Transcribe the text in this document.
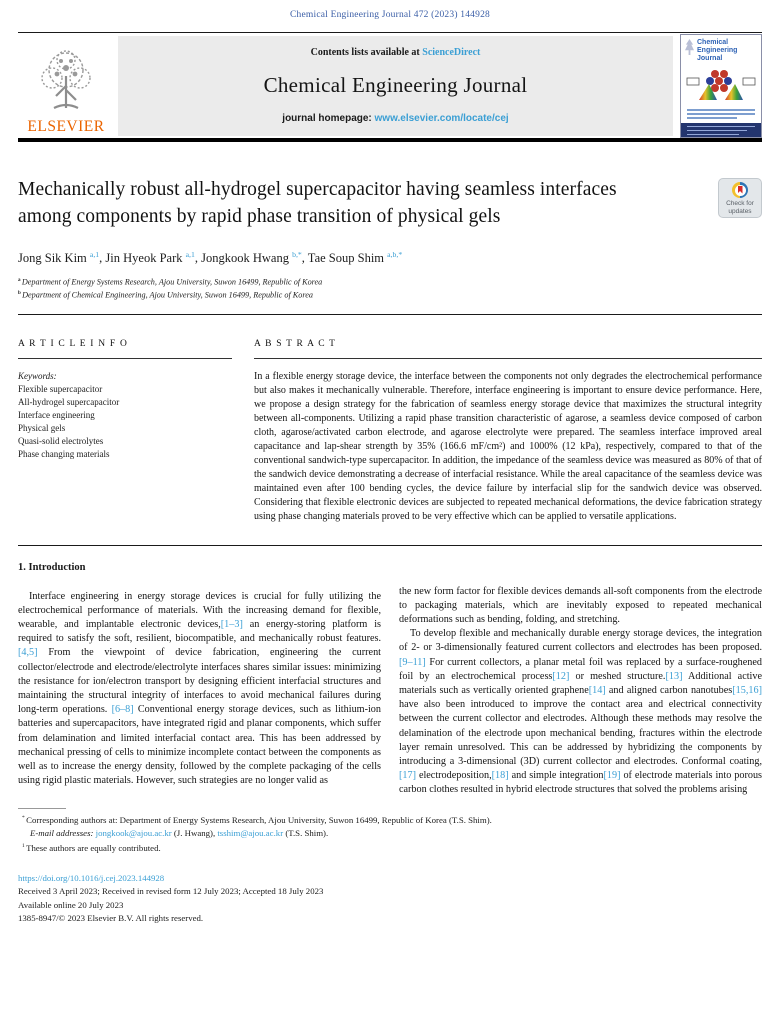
Chemical Engineering Journal 472 (2023) 144928
ELSEVIER
Contents lists available at ScienceDirect
Chemical Engineering Journal
journal homepage: www.elsevier.com/locate/cej
Chemical
Engineering
Journal
Mechanically robust all-hydrogel supercapacitor having seamless interfaces among components by rapid phase transition of physical gels
Check for
updates
Jong Sik Kim $^{a,1}$, Jin Hyeok Park $^{a,1}$, Jongkook Hwang $^{b,*}$, Tae Soup Shim $^{a,b,*}$
$^a$ Department of Energy Systems Research, Ajou University, Suwon 16499, Republic of Korea
$^b$ Department of Chemical Engineering, Ajou University, Suwon 16499, Republic of Korea
A R T I C L E I N F O
Keywords:
Flexible supercapacitor
All-hydrogel supercapacitor
Interface engineering
Physical gels
Quasi-solid electrolytes
Phase changing materials
A B S T R A C T

In a flexible energy storage device, the interface between the components not only degrades the electrochemical performance but also makes it mechanically vulnerable. Therefore, interface engineering is important to ensure device performance. Here, we propose a design strategy for the fabrication of seamless energy storage device that maximizes the structural integrity between all-components. Utilizing a rapid phase transition characteristic of agarose, a seamless device composed of carbon cloth, agarose/activated carbon electrode, and agarose electrolyte were prepared. The seamless interface improved areal capacitance and lap-shear strength by 35% (166.6 mF/cm²) and 1000% (12 kPa), respectively, compared to that of the conventional sandwich-type supercapacitor. In addition, the impedance of the seamless device was measured as 80% of that of the sandwich device demonstrating a decrease of interfacial resistance. While the areal capacitance of the seamless device was maintained even after 100 bending cycles, the device failure by interfacial slip for the sandwich device was observed. Considering that flexible electronic devices are subjected to repeated mechanical deformations, the device fabrication strategy using phase changing materials proved to be very effective which can be applied to versatile applications.

1. Introduction

Interface engineering in energy storage devices is crucial for fully utilizing the electrochemical performance of materials. With the increasing demand for flexible, wearable, and implantable electronic devices,[1–3] an energy-storing platform is required to satisfy the soft, resilient, biocompatible, and mechanically robust features.[4,5] From the viewpoint of device fabrication, engineering the current collector/electrode and electrode/electrolyte interfaces shares similar issues: minimizing the resistance for ion/electron transport by designing efficient interfacial structures and maintaining the structural integrity of interfaces to avoid mechanical failures during long-term operations. [6–8] Conventional energy storage devices, such as lithium-ion batteries and supercapacitors, have integrated rigid and planar components, which suffer from delamination and limited interfacial contact area. This has been addressed by mechanical pressing of cells to minimize incomplete contact between the components as well as to increase the energy density, followed by the complete packaging of the cells using rigid plastic materials. However, such strategies are no longer valid as

the new form factor for flexible devices demands all-soft components from the electrode to packaging materials, which are inevitably exposed to repeated mechanical deformations such as bending, folding, and stretching.

To develop flexible and mechanically durable energy storage devices, the integration of 2- or 3-dimensionally featured current collectors and electrodes has been proposed.[9–11] For current collectors, a planar metal foil was replaced by a surface-roughened foil by an electrochemical process[12] or meshed structure.[13] Additional active materials such as vertically oriented graphene[14] and aligned carbon nanotubes[15,16] have also been introduced to improve the contact area and electrical connectivity between the current collector and electrodes. Although these methods may resolve the delamination of the electrode upon mechanical bending, fractures within the electrode layer remain unresolved. This can be addressed by hybridizing the components by introducing a 3-dimensional (3D) current collector and electrodes. Conformal coating,[17] electrodeposition,[18] and simple integration[19] of electrode materials into porous carbon clothes resulted in hybrid electrode structures that solved the problems arising

* Corresponding authors at: Department of Energy Systems Research, Ajou University, Suwon 16499, Republic of Korea (T.S. Shim).
E-mail addresses: jongkook@ajou.ac.kr (J. Hwang), tsshim@ajou.ac.kr (T.S. Shim).
$^1$ These authors are equally contributed.
https://doi.org/10.1016/j.cej.2023.144928
Received 3 April 2023; Received in revised form 12 July 2023; Accepted 18 July 2023
Available online 20 July 2023
1385-8947/© 2023 Elsevier B.V. All rights reserved.
